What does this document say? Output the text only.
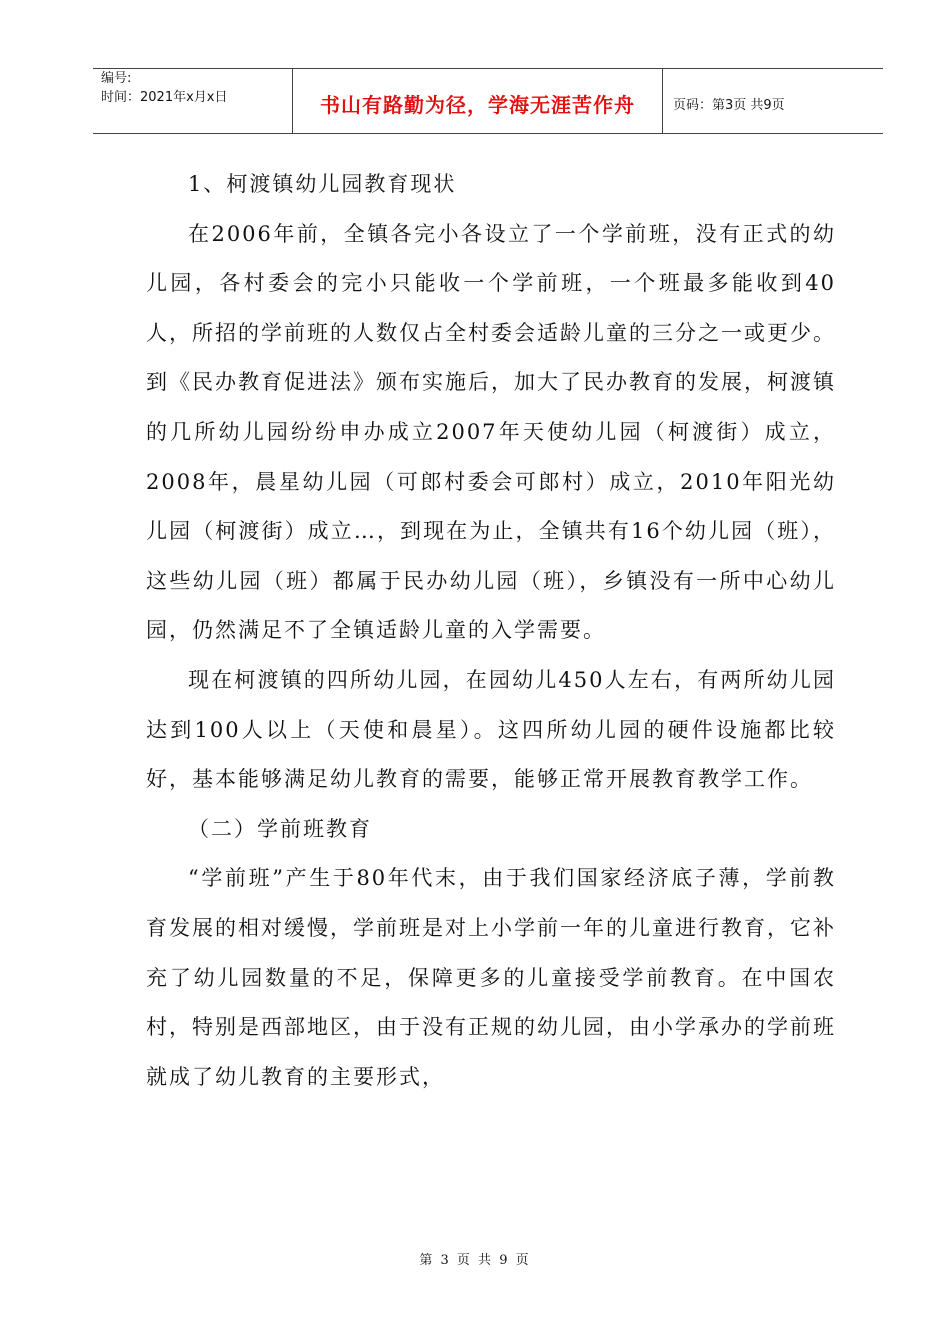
编号:
时间：2021年x月x日	书山有路勤为径，学海无涯苦作舟	页码：第3页 共9页

1、柯渡镇幼儿园教育现状

在2006年前，全镇各完小各设立了一个学前班，没有正式的幼儿园，各村委会的完小只能收一个学前班，一个班最多能收到40人，所招的学前班的人数仅占全村委会适龄儿童的三分之一或更少。到《民办教育促进法》颁布实施后，加大了民办教育的发展，柯渡镇的几所幼儿园纷纷申办成立2007年天使幼儿园（柯渡街）成立，2008年，晨星幼儿园（可郎村委会可郎村）成立，2010年阳光幼儿园（柯渡街）成立…，到现在为止，全镇共有16个幼儿园（班），这些幼儿园（班）都属于民办幼儿园（班），乡镇没有一所中心幼儿园，仍然满足不了全镇适龄儿童的入学需要。

现在柯渡镇的四所幼儿园，在园幼儿450人左右，有两所幼儿园达到100人以上（天使和晨星）。这四所幼儿园的硬件设施都比较好，基本能够满足幼儿教育的需要，能够正常开展教育教学工作。

（二）学前班教育

“学前班”产生于80年代末，由于我们国家经济底子薄，学前教育发展的相对缓慢，学前班是对上小学前一年的儿童进行教育，它补充了幼儿园数量的不足，保障更多的儿童接受学前教育。在中国农村，特别是西部地区，由于没有正规的幼儿园，由小学承办的学前班就成了幼儿教育的主要形式，

第 3 页 共 9 页
